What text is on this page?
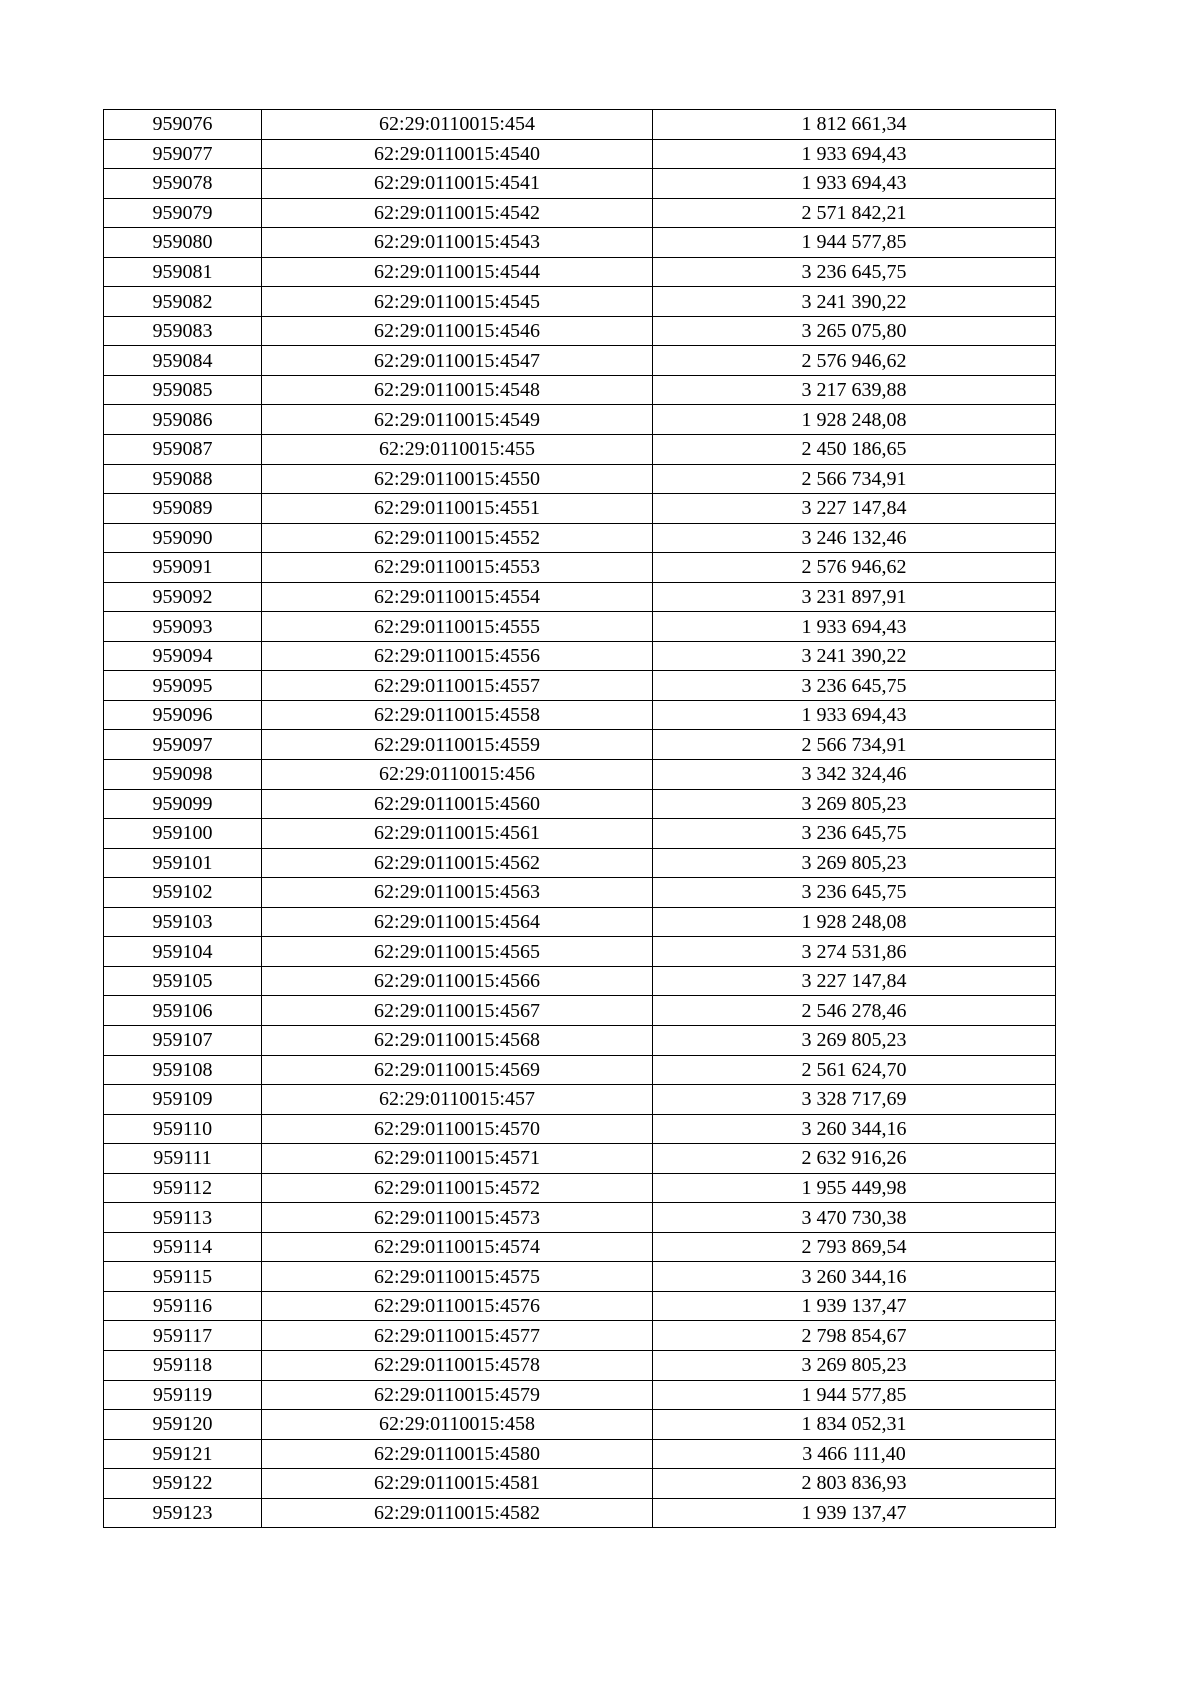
959076	62:29:0110015:454	1 812 661,34
959077	62:29:0110015:4540	1 933 694,43
959078	62:29:0110015:4541	1 933 694,43
959079	62:29:0110015:4542	2 571 842,21
959080	62:29:0110015:4543	1 944 577,85
959081	62:29:0110015:4544	3 236 645,75
959082	62:29:0110015:4545	3 241 390,22
959083	62:29:0110015:4546	3 265 075,80
959084	62:29:0110015:4547	2 576 946,62
959085	62:29:0110015:4548	3 217 639,88
959086	62:29:0110015:4549	1 928 248,08
959087	62:29:0110015:455	2 450 186,65
959088	62:29:0110015:4550	2 566 734,91
959089	62:29:0110015:4551	3 227 147,84
959090	62:29:0110015:4552	3 246 132,46
959091	62:29:0110015:4553	2 576 946,62
959092	62:29:0110015:4554	3 231 897,91
959093	62:29:0110015:4555	1 933 694,43
959094	62:29:0110015:4556	3 241 390,22
959095	62:29:0110015:4557	3 236 645,75
959096	62:29:0110015:4558	1 933 694,43
959097	62:29:0110015:4559	2 566 734,91
959098	62:29:0110015:456	3 342 324,46
959099	62:29:0110015:4560	3 269 805,23
959100	62:29:0110015:4561	3 236 645,75
959101	62:29:0110015:4562	3 269 805,23
959102	62:29:0110015:4563	3 236 645,75
959103	62:29:0110015:4564	1 928 248,08
959104	62:29:0110015:4565	3 274 531,86
959105	62:29:0110015:4566	3 227 147,84
959106	62:29:0110015:4567	2 546 278,46
959107	62:29:0110015:4568	3 269 805,23
959108	62:29:0110015:4569	2 561 624,70
959109	62:29:0110015:457	3 328 717,69
959110	62:29:0110015:4570	3 260 344,16
959111	62:29:0110015:4571	2 632 916,26
959112	62:29:0110015:4572	1 955 449,98
959113	62:29:0110015:4573	3 470 730,38
959114	62:29:0110015:4574	2 793 869,54
959115	62:29:0110015:4575	3 260 344,16
959116	62:29:0110015:4576	1 939 137,47
959117	62:29:0110015:4577	2 798 854,67
959118	62:29:0110015:4578	3 269 805,23
959119	62:29:0110015:4579	1 944 577,85
959120	62:29:0110015:458	1 834 052,31
959121	62:29:0110015:4580	3 466 111,40
959122	62:29:0110015:4581	2 803 836,93
959123	62:29:0110015:4582	1 939 137,47
